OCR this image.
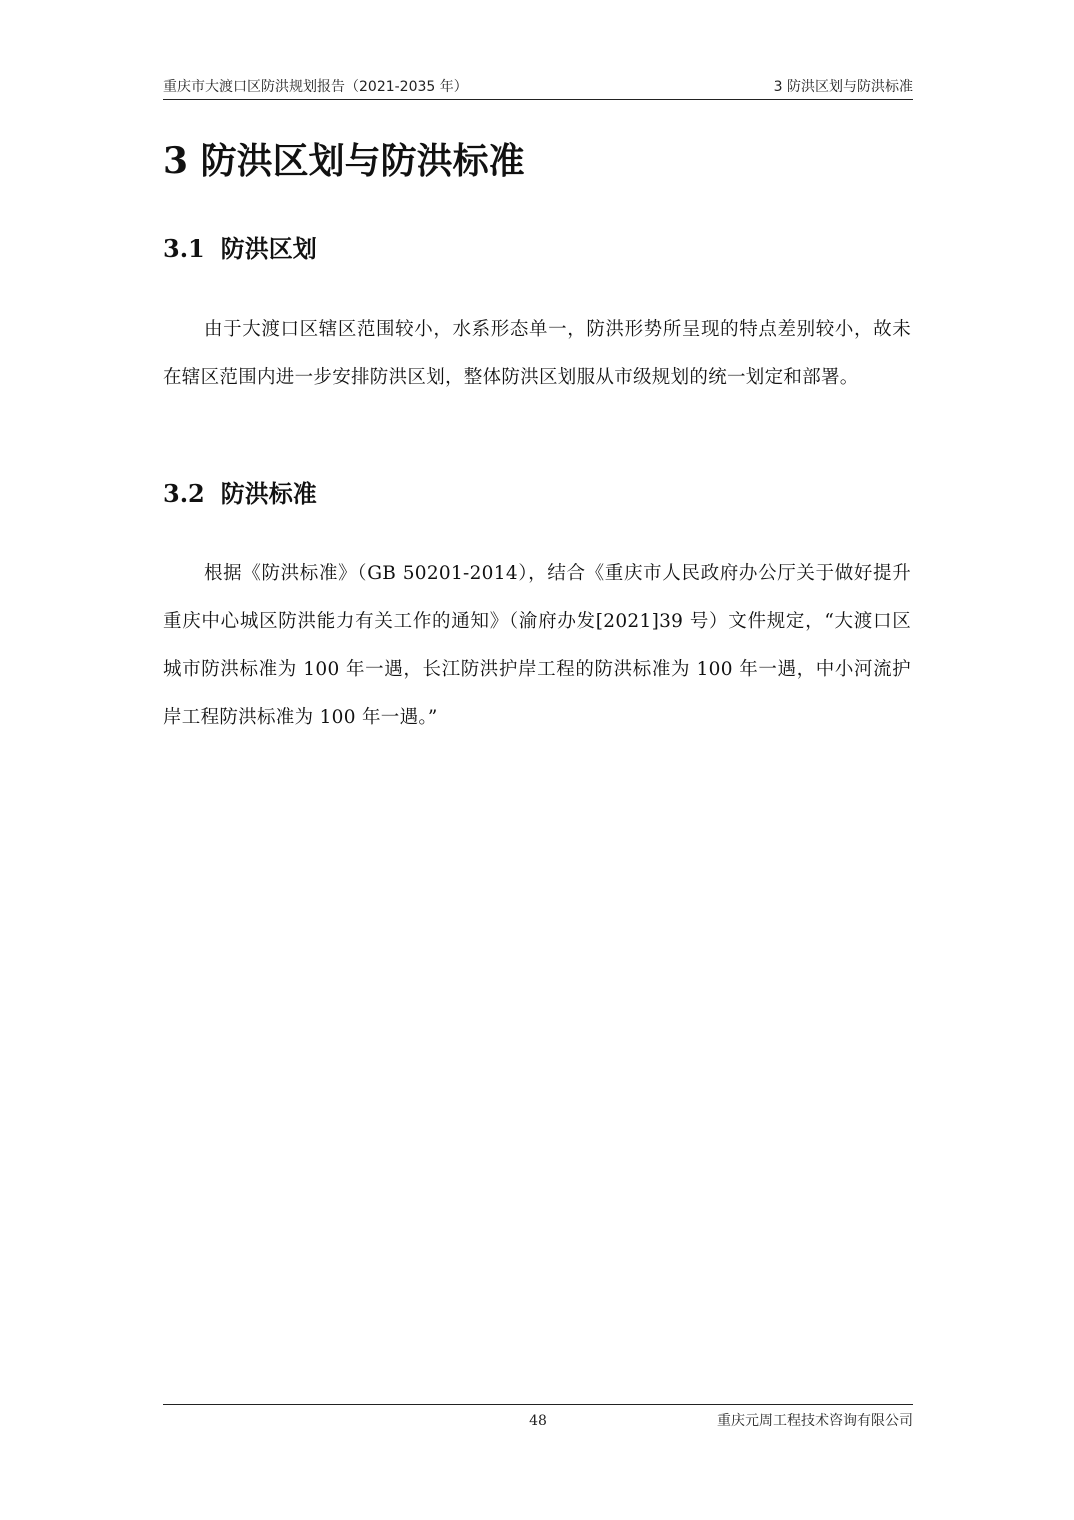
重庆市大渡口区防洪规划报告（2021-2035 年）	3 防洪区划与防洪标准
3 防洪区划与防洪标准
3.1 防洪区划
由于大渡口区辖区范围较小，水系形态单一，防洪形势所呈现的特点差别较小，故未在辖区范围内进一步安排防洪区划，整体防洪区划服从市级规划的统一划定和部署。
3.2 防洪标准
根据《防洪标准》（GB 50201-2014），结合《重庆市人民政府办公厅关于做好提升重庆中心城区防洪能力有关工作的通知》（渝府办发[2021]39 号）文件规定，“大渡口区城市防洪标准为 100 年一遇，长江防洪护岸工程的防洪标准为 100 年一遇，中小河流护岸工程防洪标准为 100 年一遇。”
48	重庆元周工程技术咨询有限公司
